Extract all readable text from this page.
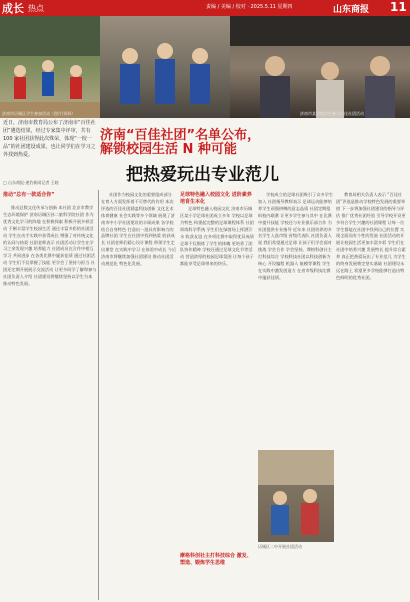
成长 热点	责编 / 美编 / 校对 · 2025.5.11 星期四	山东商报 11
济南市历城区学生参加活动（图片/资料）	济南市某学校学生参与百佳社团活动
近日，济南市教育局公布了济南市“百佳社团”遴选结果，经过专家集中评审，共有 100 家社团获得此次殊荣，体现“一校一品”的社团建设成果，也让同学们在学习之外找到热爱。
□ 山东商报·速豹新闻记者 王晓
济南“百佳社团”名单公布，
解锁校园生活 N 种可能
把热爱玩出专业范儿
推动“总有一款适合你”

推动总数文化传承与创新 本社团 北京市教学生态环境保护 济南历城区孙二旅科学院社团 作为优秀文化学习的阵地 在积极探索 积极开展多样活动 不断丰富学生校园生活 通过丰富多彩的社团活动 学生在动手实践中获得成长 增强了对传统文化的认同与热爱 社团老师表示 社团活动让学生在学习之余发现兴趣 培养能力 社团成员在合作中相互学习 共同进步 在各类比赛中屡获佳绩 通过社团活动 学生们不仅掌握了技能 更学会了坚持与担当 社团还定期开展展示交流活动 让更多同学了解和参与 社团负责人介绍 社团建设将继续坚持以学生为本 推动特色发展。

社团作为校园文化的重要组成部分 在育人方面发挥着不可替代的作用 本次评选的百佳社团涵盖科技创新 文化艺术 体育健康 社会实践等多个领域 展现了济南市中小学社团建设的丰硕成果 各学校结合自身特色 打造出一批具有影响力的品牌社团 学生在社团中找到热爱 收获成长 社团老师们精心设计课程 带领学生走出课堂 在实践中学习 在体验中成长 今后 济南市将继续加强社团建设 推动社团活动规范化 特色化发展。

足球特色融入校园文化 进阶素养培育生本化

足球特色融入校园文化 济南市历城区某小学足球社团成立多年 学校以足球为特色 构建起完整的足球课程体系 社团训练科学系统 学生们在绿茵场上挥洒汗水 收获友谊 在多项比赛中取得优异成绩 足球不仅锻炼了学生的体魄 更培养了团队协作精神 学校还通过足球文化节等活动 营造浓厚的校园足球氛围 让每个孩子都能享受足球带来的快乐。

学校成立的足球社团吸引了众多学生加入 社团指导教师表示 足球运动能够培养学生顽强拼搏的意志品质 社团定期组织校内联赛 让更多学生参与其中 在比赛中提升技能 学校还与专业俱乐部合作 为社团提供专业指导 近年来 社团培养的多名学生入选市级 省级代表队 社团负责人说 我们希望通过足球 让孩子们学会面对挑战 学会合作 学会坚持。摩格科创社主打科技综合 学校科技社团以科技创新为核心 开设编程 机器人 航模等课程 学生在实践中激发创造力 在省市级科技比赛中屡获佳绩。

教育局相关负责人表示 “百佳社团”评选是推动学校特色发展的重要举措 下一步将加强社团建设的指导与评估 推广优秀社团经验 引导学校开设更多符合学生兴趣的社团课程 让每一位学生都能在社团中找到自己的位置 实现全面而有个性的发展 社团活动的开展让校园生活更加丰富多彩 学生们在社团中培养兴趣 发展特长 提升综合素养 真正把热爱玩出了专业范儿 为学生的终身发展奠定坚实基础 社团建设永远在路上 希望更多学校能够打造出特色鲜明的优秀社团。

历城区二中开展社团活动
摩格科创社主打科技综合 激发、塑造、锻炼学生思维
